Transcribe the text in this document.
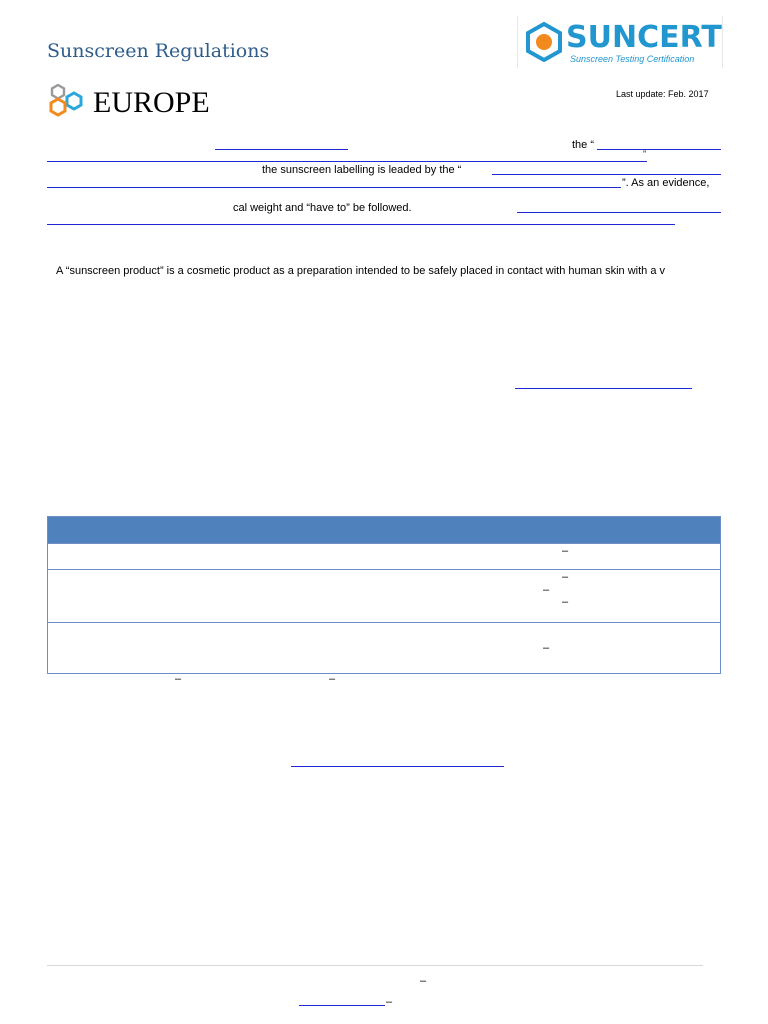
Sunscreen Regulations	SUNCERT
Sunscreen Testing Certification
Last update: Feb. 2017
EUROPE
the “
”
the sunscreen labelling is leaded by the “
”. As an evidence,
cal weight and “have to” be followed.
A “sunscreen product” is a cosmetic product as a preparation intended to be safely placed in contact with human skin with a v
–
–
–
–
–
–	–
–
–
